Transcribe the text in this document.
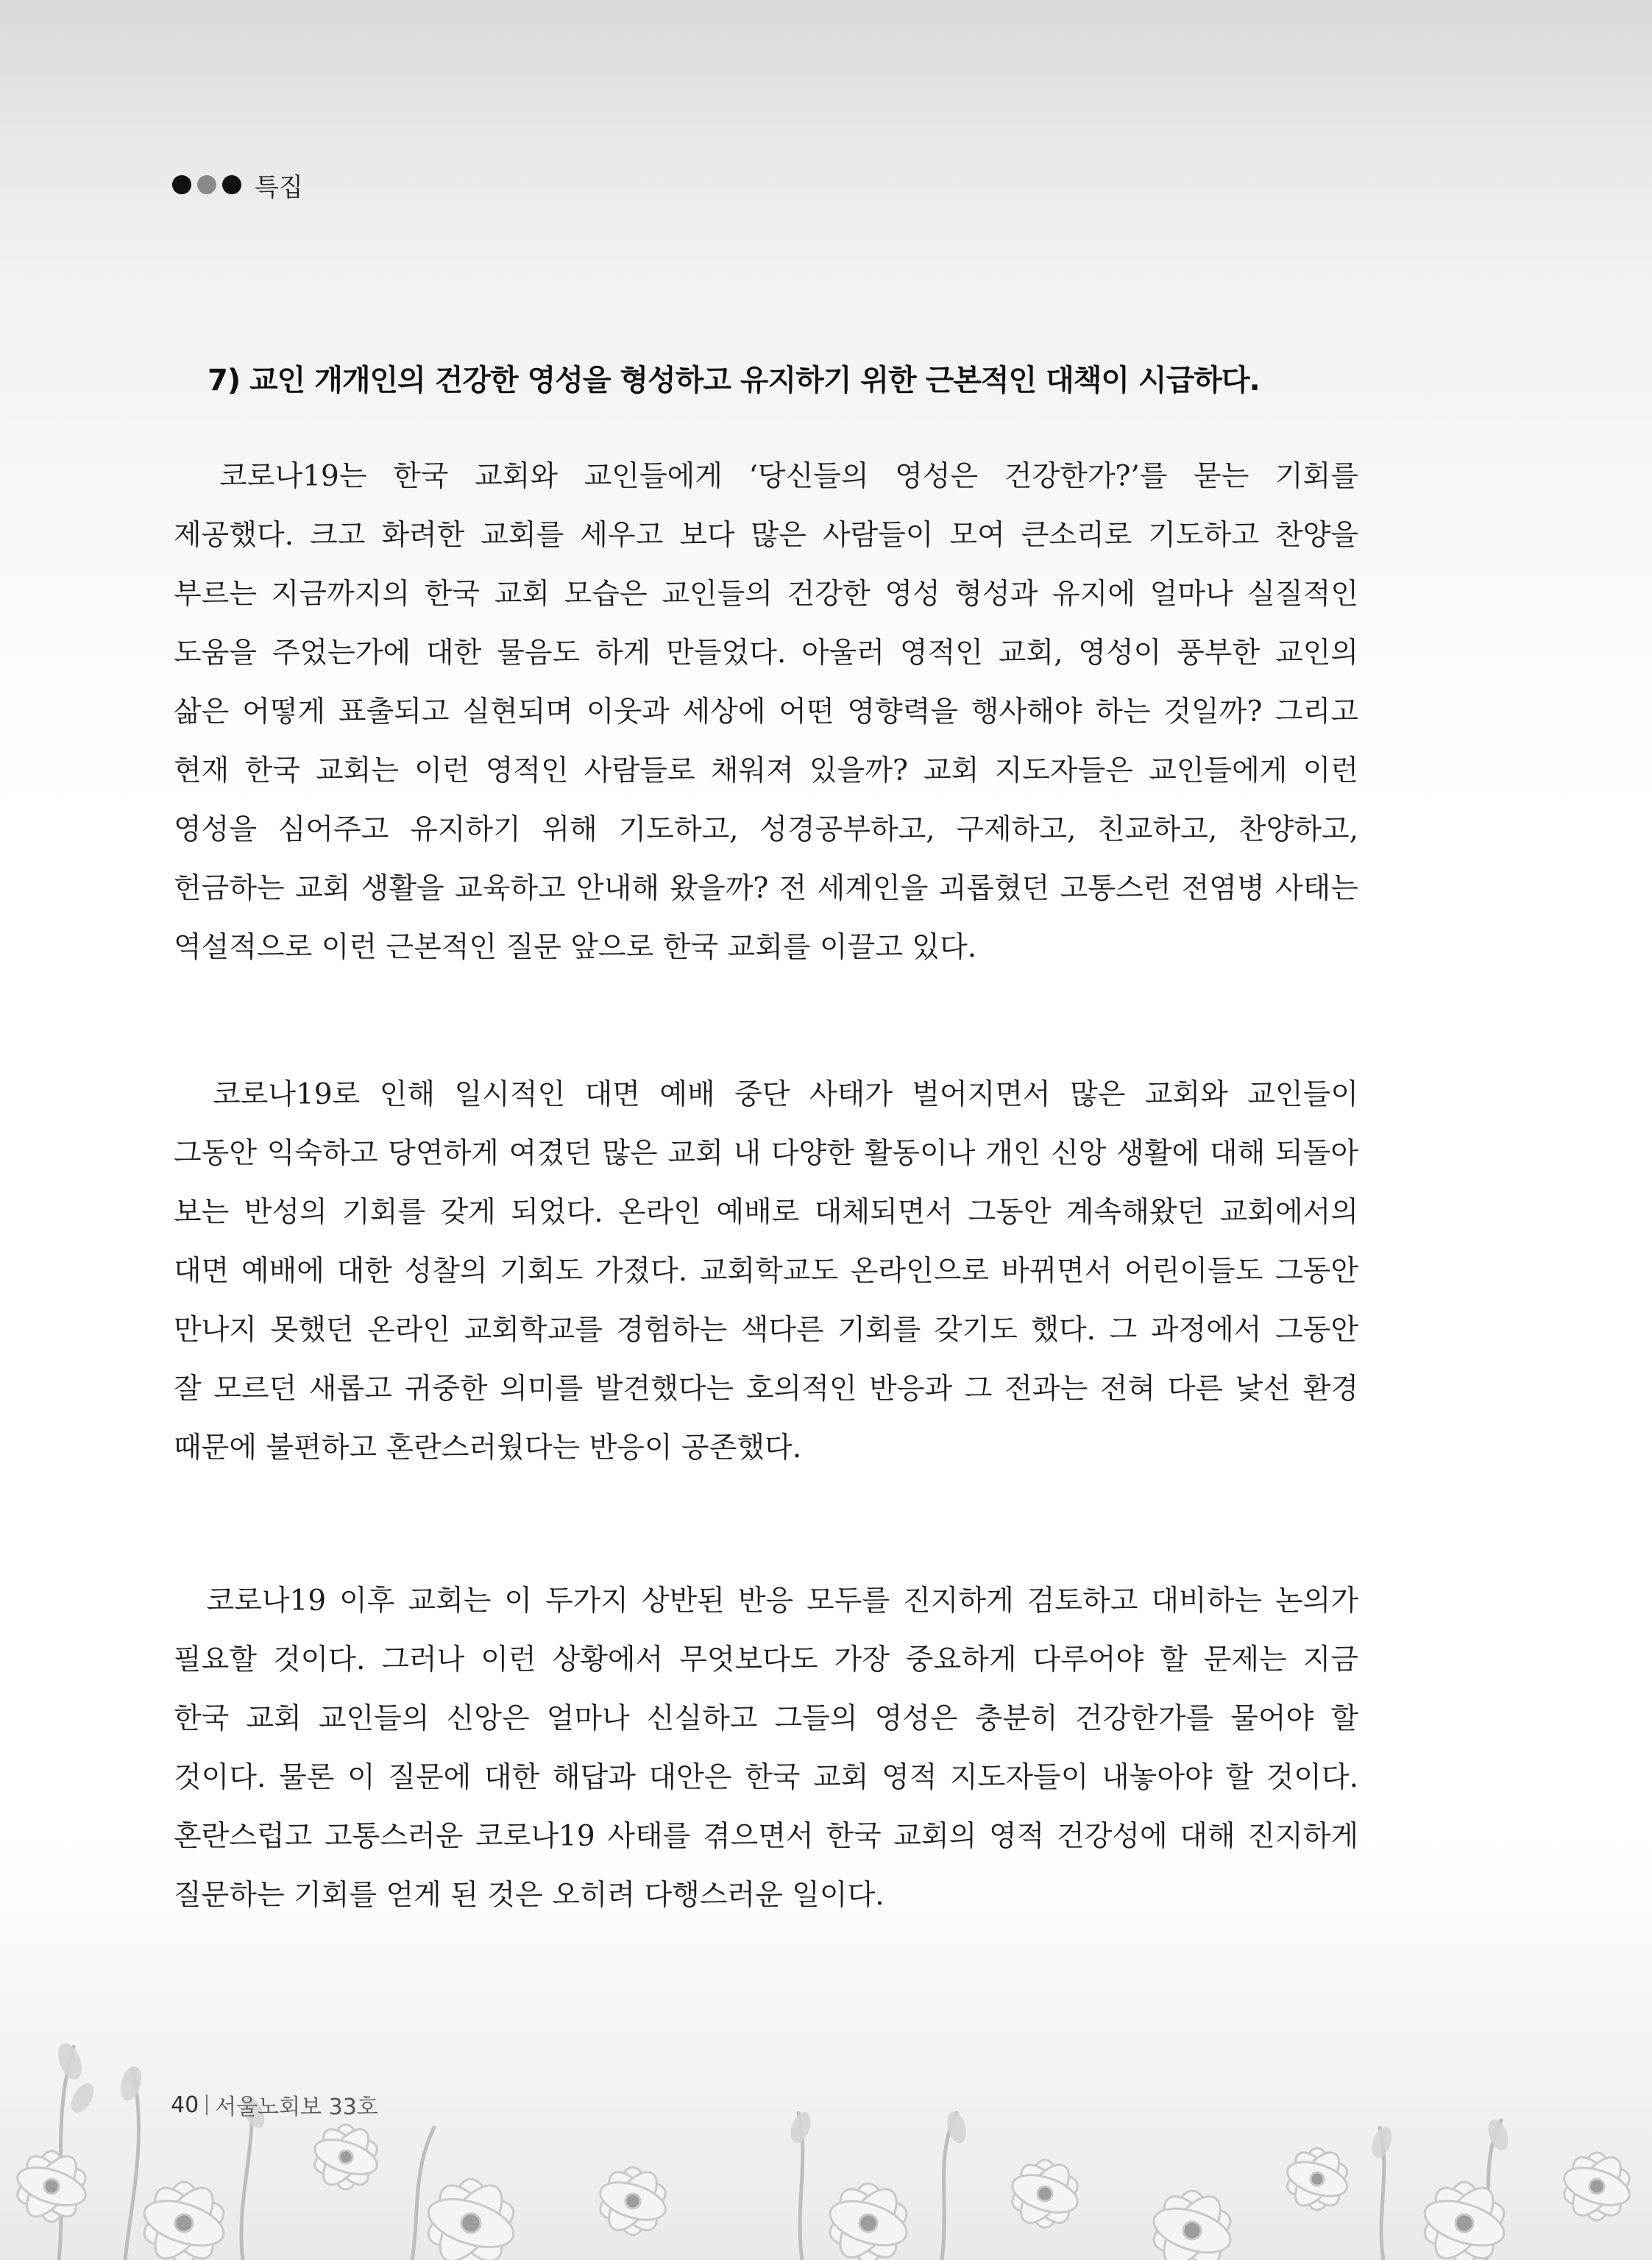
특집
7) 교인 개개인의 건강한 영성을 형성하고 유지하기 위한 근본적인 대책이 시급하다.
　코로나19는 한국 교회와 교인들에게 ‘당신들의 영성은 건강한가?’를 묻는 기회를
제공했다. 크고 화려한 교회를 세우고 보다 많은 사람들이 모여 큰소리로 기도하고 찬양을
부르는 지금까지의 한국 교회 모습은 교인들의 건강한 영성 형성과 유지에 얼마나 실질적인
도움을 주었는가에 대한 물음도 하게 만들었다. 아울러 영적인 교회, 영성이 풍부한 교인의
삶은 어떻게 표출되고 실현되며 이웃과 세상에 어떤 영향력을 행사해야 하는 것일까? 그리고
현재 한국 교회는 이런 영적인 사람들로 채워져 있을까? 교회 지도자들은 교인들에게 이런
영성을 심어주고 유지하기 위해 기도하고, 성경공부하고, 구제하고, 친교하고, 찬양하고,
헌금하는 교회 생활을 교육하고 안내해 왔을까? 전 세계인을 괴롭혔던 고통스런 전염병 사태는
역설적으로 이런 근본적인 질문 앞으로 한국 교회를 이끌고 있다.
　코로나19로 인해 일시적인 대면 예배 중단 사태가 벌어지면서 많은 교회와 교인들이
그동안 익숙하고 당연하게 여겼던 많은 교회 내 다양한 활동이나 개인 신앙 생활에 대해 되돌아
보는 반성의 기회를 갖게 되었다. 온라인 예배로 대체되면서 그동안 계속해왔던 교회에서의
대면 예배에 대한 성찰의 기회도 가졌다. 교회학교도 온라인으로 바뀌면서 어린이들도 그동안
만나지 못했던 온라인 교회학교를 경험하는 색다른 기회를 갖기도 했다. 그 과정에서 그동안
잘 모르던 새롭고 귀중한 의미를 발견했다는 호의적인 반응과 그 전과는 전혀 다른 낯선 환경
때문에 불편하고 혼란스러웠다는 반응이 공존했다.
　코로나19 이후 교회는 이 두가지 상반된 반응 모두를 진지하게 검토하고 대비하는 논의가
필요할 것이다. 그러나 이런 상황에서 무엇보다도 가장 중요하게 다루어야 할 문제는 지금
한국 교회 교인들의 신앙은 얼마나 신실하고 그들의 영성은 충분히 건강한가를 물어야 할
것이다. 물론 이 질문에 대한 해답과 대안은 한국 교회 영적 지도자들이 내놓아야 할 것이다.
혼란스럽고 고통스러운 코로나19 사태를 겪으면서 한국 교회의 영적 건강성에 대해 진지하게
질문하는 기회를 얻게 된 것은 오히려 다행스러운 일이다.
40 서울노회보 33호
